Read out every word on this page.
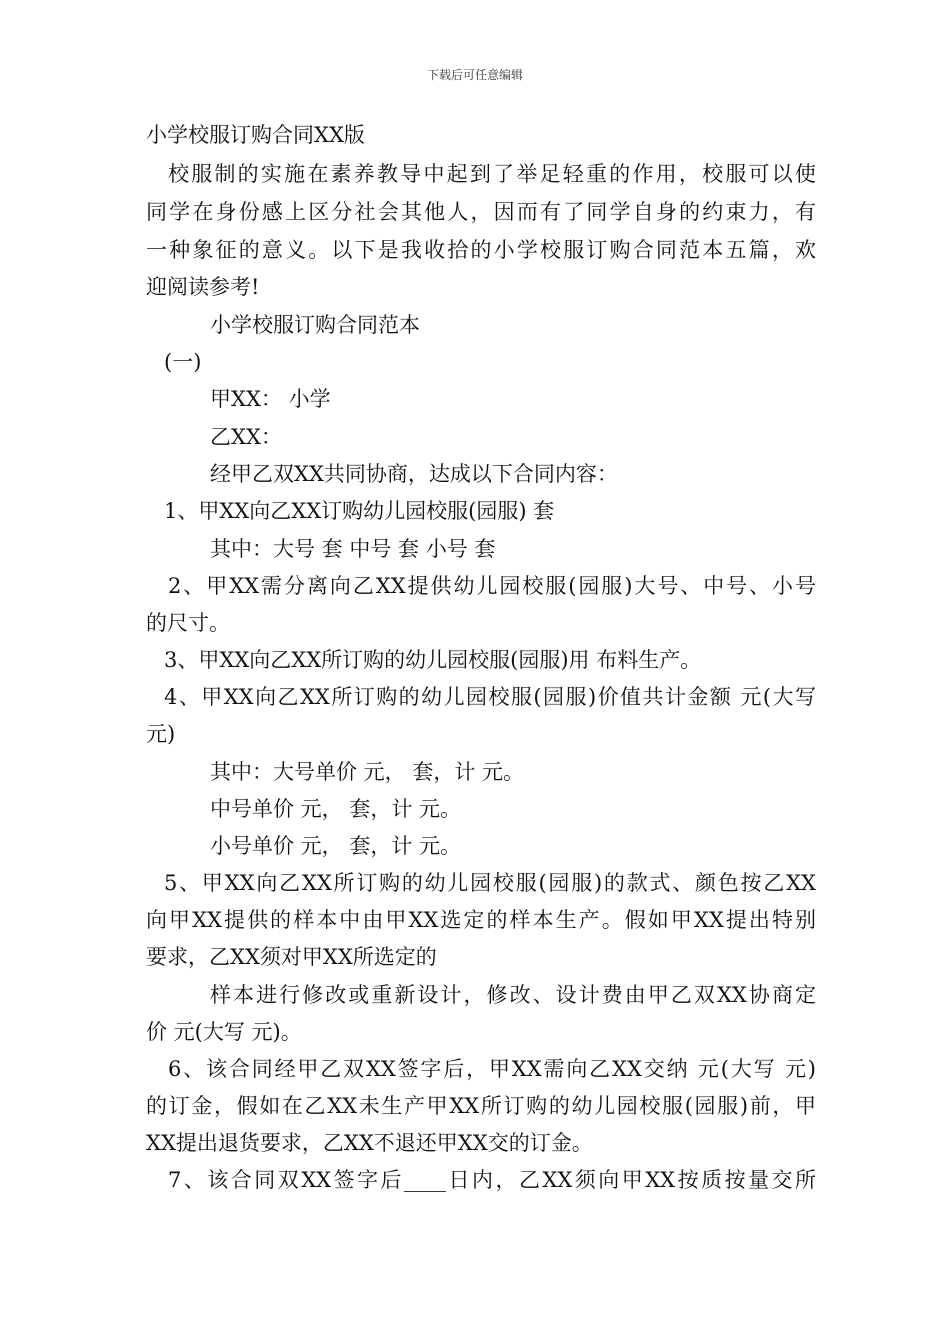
下载后可任意编辑
小学校服订购合同XX版
校服制的实施在素养教导中起到了举足轻重的作用，校服可以使
同学在身份感上区分社会其他人，因而有了同学自身的约束力，有
一种象征的意义。以下是我收拾的小学校服订购合同范本五篇，欢
迎阅读参考!
小学校服订购合同范本
(一)
甲XX： 小学
乙XX：
经甲乙双XX共同协商，达成以下合同内容：
1、甲XX向乙XX订购幼儿园校服(园服) 套
其中：大号 套 中号 套 小号 套
2、甲XX需分离向乙XX提供幼儿园校服(园服)大号、中号、小号
的尺寸。
3、甲XX向乙XX所订购的幼儿园校服(园服)用 布料生产。
4、甲XX向乙XX所订购的幼儿园校服(园服)价值共计金额 元(大写
元)
其中：大号单价 元， 套，计 元。
中号单价 元， 套，计 元。
小号单价 元， 套，计 元。
5、甲XX向乙XX所订购的幼儿园校服(园服)的款式、颜色按乙XX
向甲XX提供的样本中由甲XX选定的样本生产。假如甲XX提出特别
要求，乙XX须对甲XX所选定的
样本进行修改或重新设计，修改、设计费由甲乙双XX协商定
价 元(大写 元)。
6、该合同经甲乙双XX签字后，甲XX需向乙XX交纳 元(大写 元)
的订金，假如在乙XX未生产甲XX所订购的幼儿园校服(园服)前，甲
XX提出退货要求，乙XX不退还甲XX交的订金。
7、该合同双XX签字后____日内，乙XX须向甲XX按质按量交所
